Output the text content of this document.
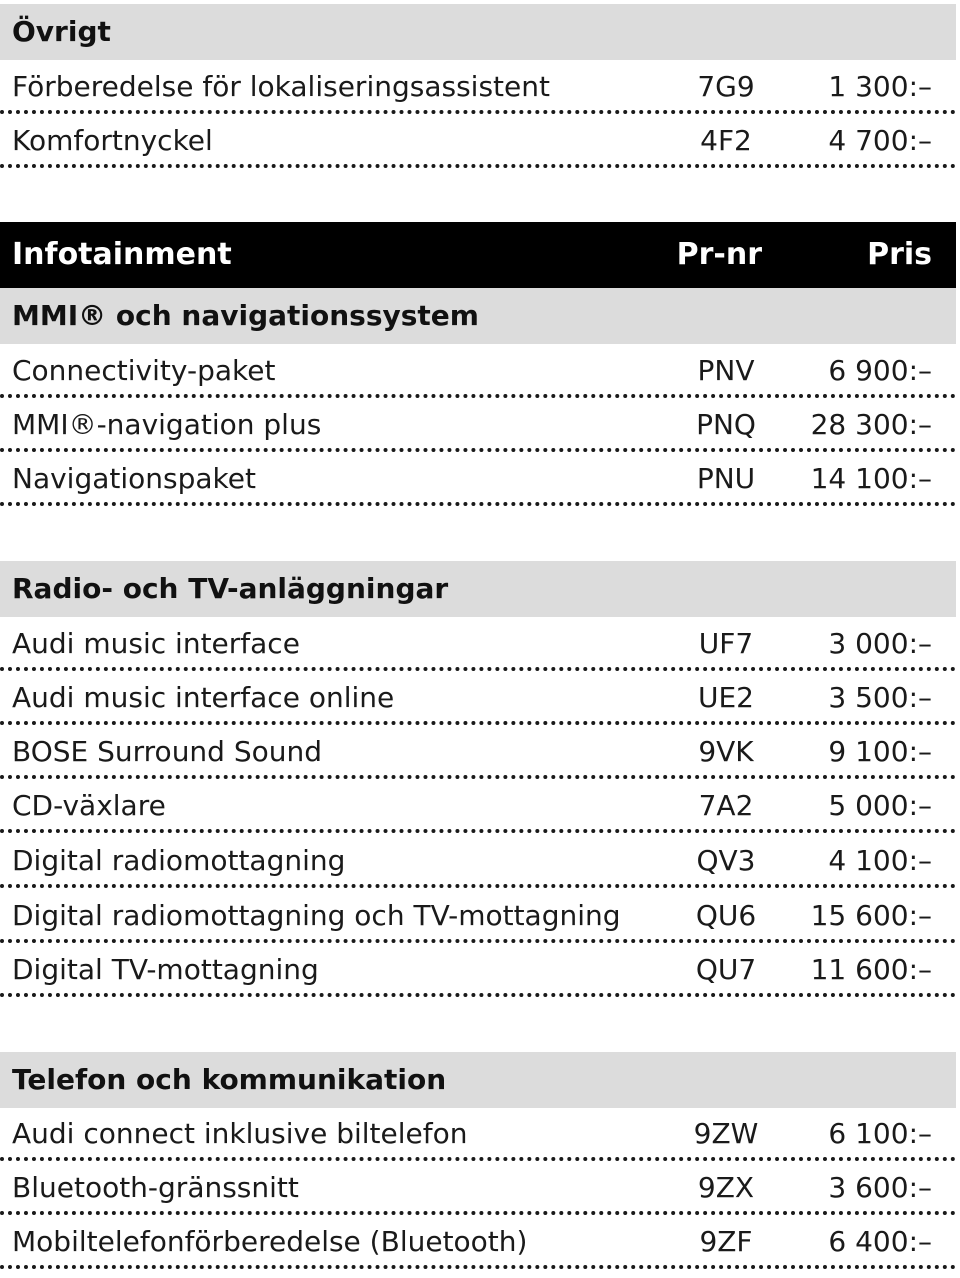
Övrigt
Förberedelse för lokaliseringsassistent	7G9	1 300:–
Komfortnyckel	4F2	4 700:–
Infotainment	Pr-nr	Pris
MMI® och navigationssystem
Connectivity-paket	PNV	6 900:–
MMI®-navigation plus	PNQ	28 300:–
Navigationspaket	PNU	14 100:–
Radio- och TV-anläggningar
Audi music interface	UF7	3 000:–
Audi music interface online	UE2	3 500:–
BOSE Surround Sound	9VK	9 100:–
CD-växlare	7A2	5 000:–
Digital radiomottagning	QV3	4 100:–
Digital radiomottagning och TV-mottagning	QU6	15 600:–
Digital TV-mottagning	QU7	11 600:–
Telefon och kommunikation
Audi connect inklusive biltelefon	9ZW	6 100:–
Bluetooth-gränssnitt	9ZX	3 600:–
Mobiltelefonförberedelse (Bluetooth)	9ZF	6 400:–
